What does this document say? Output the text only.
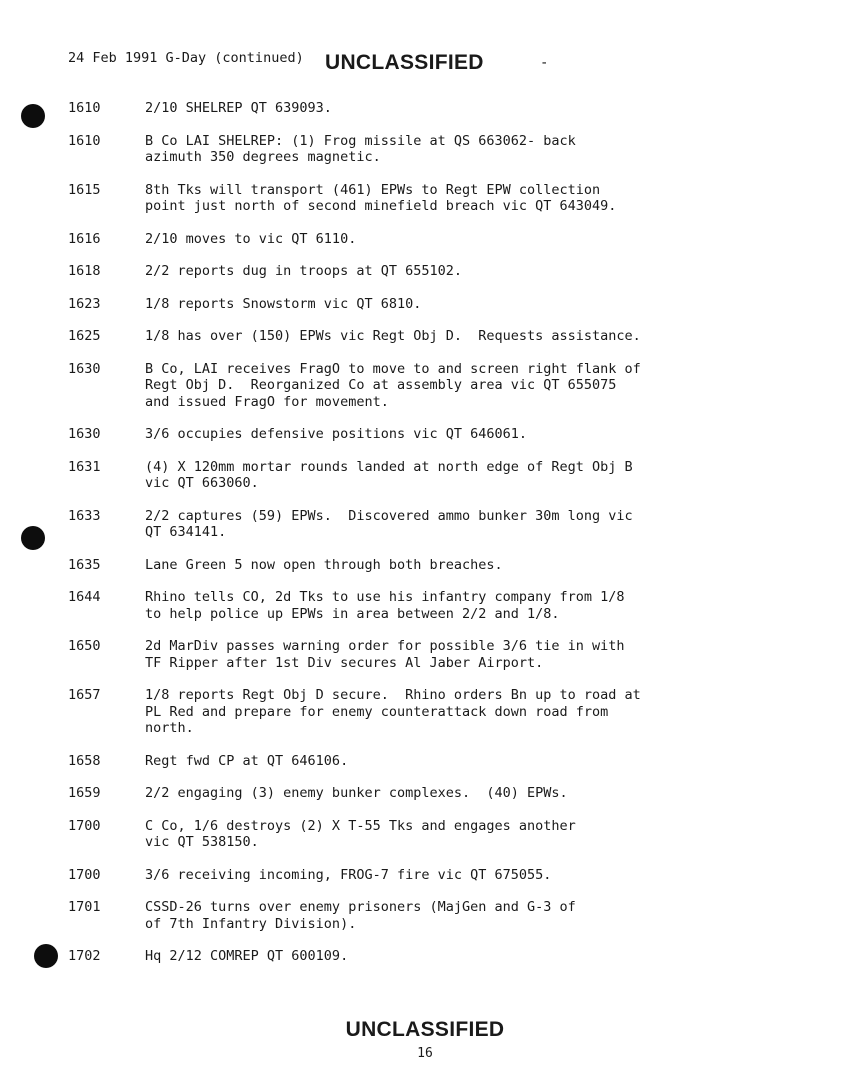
24 Feb 1991 G-Day (continued) UNCLASSIFIED	-
1610	2/10 SHELREP QT 639093.
1610	B Co LAI SHELREP: (1) Frog missile at QS 663062- back
azimuth 350 degrees magnetic.
1615	8th Tks will transport (461) EPWs to Regt EPW collection
point just north of second minefield breach vic QT 643049.
1616	2/10 moves to vic QT 6110.
1618	2/2 reports dug in troops at QT 655102.
1623	1/8 reports Snowstorm vic QT 6810.
1625	1/8 has over (150) EPWs vic Regt Obj D.  Requests assistance.
1630	B Co, LAI receives FragO to move to and screen right flank of
Regt Obj D.  Reorganized Co at assembly area vic QT 655075
and issued FragO for movement.
1630	3/6 occupies defensive positions vic QT 646061.
1631	(4) X 120mm mortar rounds landed at north edge of Regt Obj B
vic QT 663060.
1633	2/2 captures (59) EPWs.  Discovered ammo bunker 30m long vic
QT 634141.
1635	Lane Green 5 now open through both breaches.
1644	Rhino tells CO, 2d Tks to use his infantry company from 1/8
to help police up EPWs in area between 2/2 and 1/8.
1650	2d MarDiv passes warning order for possible 3/6 tie in with
TF Ripper after 1st Div secures Al Jaber Airport.
1657	1/8 reports Regt Obj D secure.  Rhino orders Bn up to road at
PL Red and prepare for enemy counterattack down road from
north.
1658	Regt fwd CP at QT 646106.
1659	2/2 engaging (3) enemy bunker complexes.  (40) EPWs.
1700	C Co, 1/6 destroys (2) X T-55 Tks and engages another
vic QT 538150.
1700	3/6 receiving incoming, FROG-7 fire vic QT 675055.
1701	CSSD-26 turns over enemy prisoners (MajGen and G-3 of
of 7th Infantry Division).
1702	Hq 2/12 COMREP QT 600109.
UNCLASSIFIED
16
